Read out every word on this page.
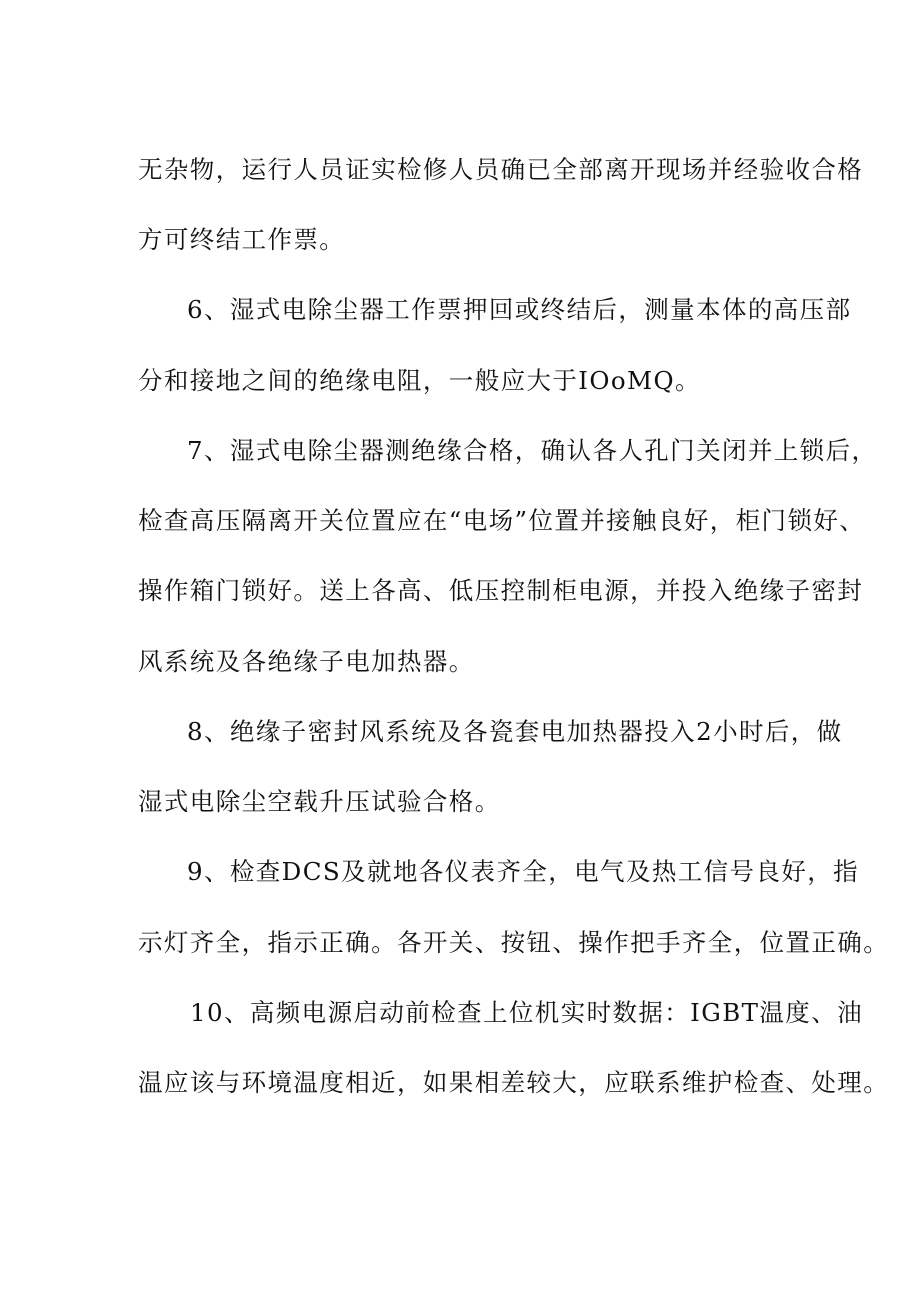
无杂物，运行人员证实检修人员确已全部离开现场并经验收合格
方可终结工作票。
6、湿式电除尘器工作票押回或终结后，测量本体的高压部
分和接地之间的绝缘电阻，一般应大于IOoMQ。
7、湿式电除尘器测绝缘合格，确认各人孔门关闭并上锁后，
检查高压隔离开关位置应在“电场”位置并接触良好，柜门锁好、
操作箱门锁好。送上各高、低压控制柜电源，并投入绝缘子密封
风系统及各绝缘子电加热器。
8、绝缘子密封风系统及各瓷套电加热器投入2小时后，做
湿式电除尘空载升压试验合格。
9、检查DCS及就地各仪表齐全，电气及热工信号良好，指
示灯齐全，指示正确。各开关、按钮、操作把手齐全，位置正确。
10、高频电源启动前检查上位机实时数据：IGBT温度、油
温应该与环境温度相近，如果相差较大，应联系维护检查、处理。
